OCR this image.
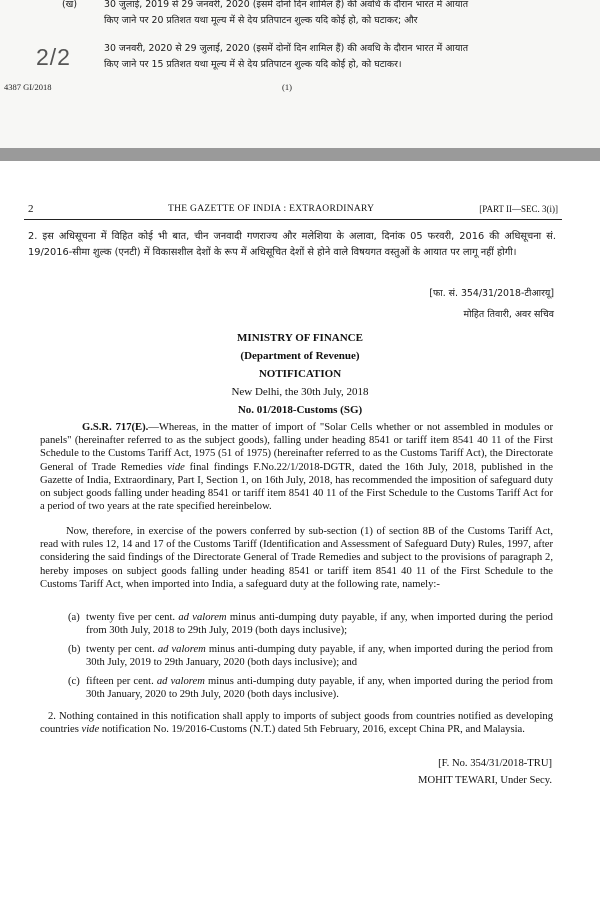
(ख)	30 जुलाई, 2019 से 29 जनवरी, 2020 (इसमें दोनों दिन शामिल हैं) की अवधि के दौरान भारत में आयात
किए जाने पर 20 प्रतिशत यथा मूल्य में से देय प्रतिपाटन शुल्क यदि कोई हो, को घटाकर; और
2/2	30 जनवरी, 2020 से 29 जुलाई, 2020 (इसमें दोनों दिन शामिल हैं) की अवधि के दौरान भारत में आयात
किए जाने पर 15 प्रतिशत यथा मूल्य में से देय प्रतिपाटन शुल्क यदि कोई हो, को घटाकर।
4387 GI/2018	(1)
2	THE GAZETTE OF INDIA : EXTRAORDINARY	[PART II—SEC. 3(i)]

2. इस अधिसूचना में विहित कोई भी बात, चीन जनवादी गणराज्य और मलेशिया के अलावा, दिनांक 05 फरवरी, 2016 की अधिसूचना सं. 19/2016-सीमा शुल्क (एनटी) में विकासशील देशों के रूप में अधिसूचित देशों से होने वाले विषयगत वस्तुओं के आयात पर लागू नहीं होगी।

[फा. सं. 354/31/2018-टीआरयू]
मोहित तिवारी, अवर सचिव
MINISTRY OF FINANCE
(Department of Revenue)
NOTIFICATION
New Delhi, the 30th July, 2018
No. 01/2018-Customs (SG)

G.S.R. 717(E).—Whereas, in the matter of import of "Solar Cells whether or not assembled in modules or panels" (hereinafter referred to as the subject goods), falling under heading 8541 or tariff item 8541 40 11 of the First Schedule to the Customs Tariff Act, 1975 (51 of 1975) (hereinafter referred to as the Customs Tariff Act), the Directorate General of Trade Remedies vide final findings F.No.22/1/2018-DGTR, dated the 16th July, 2018, published in the Gazette of India, Extraordinary, Part I, Section 1, on 16th July, 2018, has recommended the imposition of safeguard duty on subject goods falling under heading 8541 or tariff item 8541 40 11 of the First Schedule to the Customs Tariff Act for a period of two years at the rate specified hereinbelow.

Now, therefore, in exercise of the powers conferred by sub-section (1) of section 8B of the Customs Tariff Act, read with rules 12, 14 and 17 of the Customs Tariff (Identification and Assessment of Safeguard Duty) Rules, 1997, after considering the said findings of the Directorate General of Trade Remedies and subject to the provisions of paragraph 2, hereby imposes on subject goods falling under heading 8541 or tariff item 8541 40 11 of the First Schedule to the Customs Tariff Act, when imported into India, a safeguard duty at the following rate, namely:-

(a) twenty five per cent. ad valorem minus anti-dumping duty payable, if any, when imported during the period from 30th July, 2018 to 29th July, 2019 (both days inclusive);
(b) twenty per cent. ad valorem minus anti-dumping duty payable, if any, when imported during the period from 30th July, 2019 to 29th January, 2020 (both days inclusive); and
(c) fifteen per cent. ad valorem minus anti-dumping duty payable, if any, when imported during the period from 30th January, 2020 to 29th July, 2020 (both days inclusive).

2. Nothing contained in this notification shall apply to imports of subject goods from countries notified as developing countries vide notification No. 19/2016-Customs (N.T.) dated 5th February, 2016, except China PR, and Malaysia.

[F. No. 354/31/2018-TRU]
MOHIT TEWARI, Under Secy.
